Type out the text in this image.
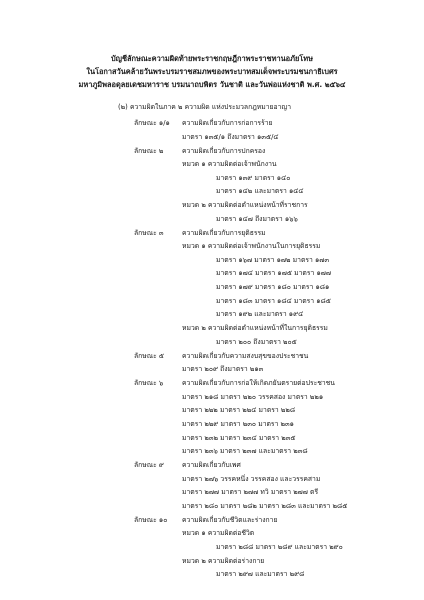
บัญชีลักษณะความผิดท้ายพระราชกฤษฎีกาพระราชทานอภัยโทษ
ในโอกาสวันคล้ายวันพระบรมราชสมภพของพระบาทสมเด็จพระบรมชนกาธิเบศร
มหาภูมิพลอดุลยเดชมหาราช บรมนาถบพิตร วันชาติ และวันพ่อแห่งชาติ พ.ศ. ๒๕๖๔
(๒) ความผิดในภาค ๒ ความผิด แห่งประมวลกฎหมายอาญา
ลักษณะ ๑/๑ ความผิดเกี่ยวกับการก่อการร้าย
มาตรา ๑๓๕/๑ ถึงมาตรา ๑๓๕/๔
ลักษณะ ๒	ความผิดเกี่ยวกับการปกครอง
หมวด ๑ ความผิดต่อเจ้าพนักงาน
มาตรา ๑๓๙ มาตรา ๑๔๐
มาตรา ๑๔๒ และมาตรา ๑๔๔
หมวด ๒ ความผิดต่อตำแหน่งหน้าที่ราชการ
มาตรา ๑๔๗ ถึงมาตรา ๑๖๖
ลักษณะ ๓	ความผิดเกี่ยวกับการยุติธรรม
หมวด ๑ ความผิดต่อเจ้าพนักงานในการยุติธรรม
มาตรา ๑๖๗ มาตรา ๑๗๒ มาตรา ๑๗๓
มาตรา ๑๗๔ มาตรา ๑๗๕ มาตรา ๑๗๗
มาตรา ๑๗๙ มาตรา ๑๘๐ มาตรา ๑๘๑
มาตรา ๑๘๓ มาตรา ๑๘๔ มาตรา ๑๘๕
มาตรา ๑๙๒ และมาตรา ๑๙๔
หมวด ๒ ความผิดต่อตำแหน่งหน้าที่ในการยุติธรรม
มาตรา ๒๐๐ ถึงมาตรา ๒๐๕
ลักษณะ ๕	ความผิดเกี่ยวกับความสงบสุขของประชาชน
มาตรา ๒๐๙ ถึงมาตรา ๒๑๓
ลักษณะ ๖	ความผิดเกี่ยวกับการก่อให้เกิดภยันตรายต่อประชาชน
มาตรา ๒๑๘ มาตรา ๒๒๐ วรรคสอง มาตรา ๒๒๑
มาตรา ๒๒๒ มาตรา ๒๒๔ มาตรา ๒๒๘
มาตรา ๒๒๙ มาตรา ๒๓๐ มาตรา ๒๓๑
มาตรา ๒๓๒ มาตรา ๒๓๔ มาตรา ๒๓๕
มาตรา ๒๓๖ มาตรา ๒๓๗ และมาตรา ๒๓๘
ลักษณะ ๙	ความผิดเกี่ยวกับเพศ
มาตรา ๒๗๖ วรรคหนึ่ง วรรคสอง และวรรคสาม
มาตรา ๒๗๗ มาตรา ๒๗๗ ทวิ มาตรา ๒๗๗ ตรี
มาตรา ๒๘๐ มาตรา ๒๘๒ มาตรา ๒๘๓ และมาตรา ๒๘๕
ลักษณะ ๑๐ ความผิดเกี่ยวกับชีวิตและร่างกาย
หมวด ๑ ความผิดต่อชีวิต
มาตรา ๒๘๘ มาตรา ๒๘๙ และมาตรา ๒๙๐
หมวด ๒ ความผิดต่อร่างกาย
มาตรา ๒๙๗ และมาตรา ๒๙๘
